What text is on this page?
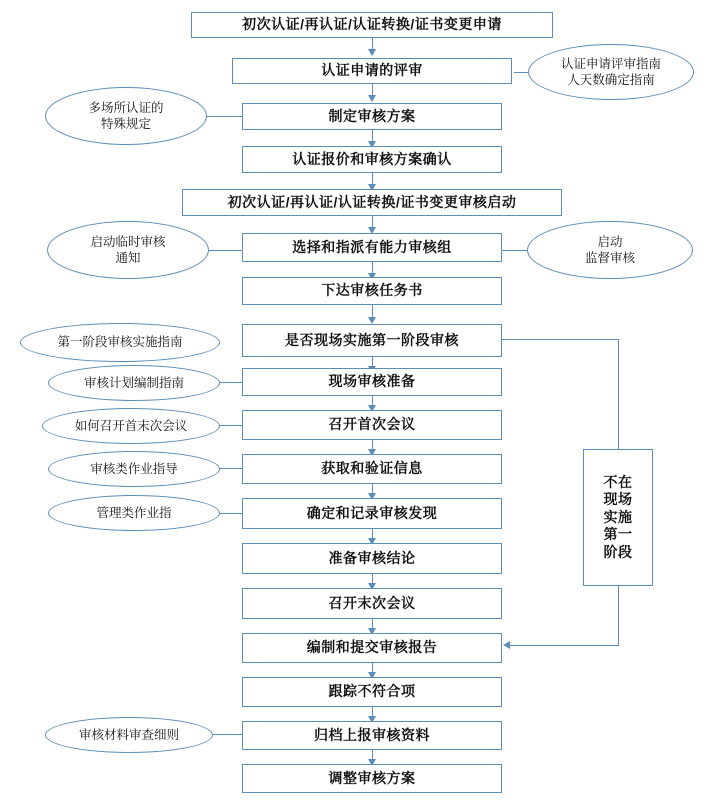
初次认证/再认证/认证转换/证书变更申请
认证申请的评审
制定审核方案
认证报价和审核方案确认
初次认证/再认证/认证转换/证书变更审核启动
选择和指派有能力审核组
下达审核任务书
是否现场实施第一阶段审核
现场审核准备
召开首次会议
获取和验证信息
确定和记录审核发现
准备审核结论
召开末次会议
编制和提交审核报告
跟踪不符合项
归档上报审核资料
调整审核方案
不在
现场
实施
第一
阶段
认证申请评审指南
人天数确定指南
多场所认证的
特殊规定
启动临时审核
通知
启动
监督审核
第一阶段审核实施指南
审核计划编制指南
如何召开首末次会议
审核类作业指导
管理类作业指
审核材料审查细则
